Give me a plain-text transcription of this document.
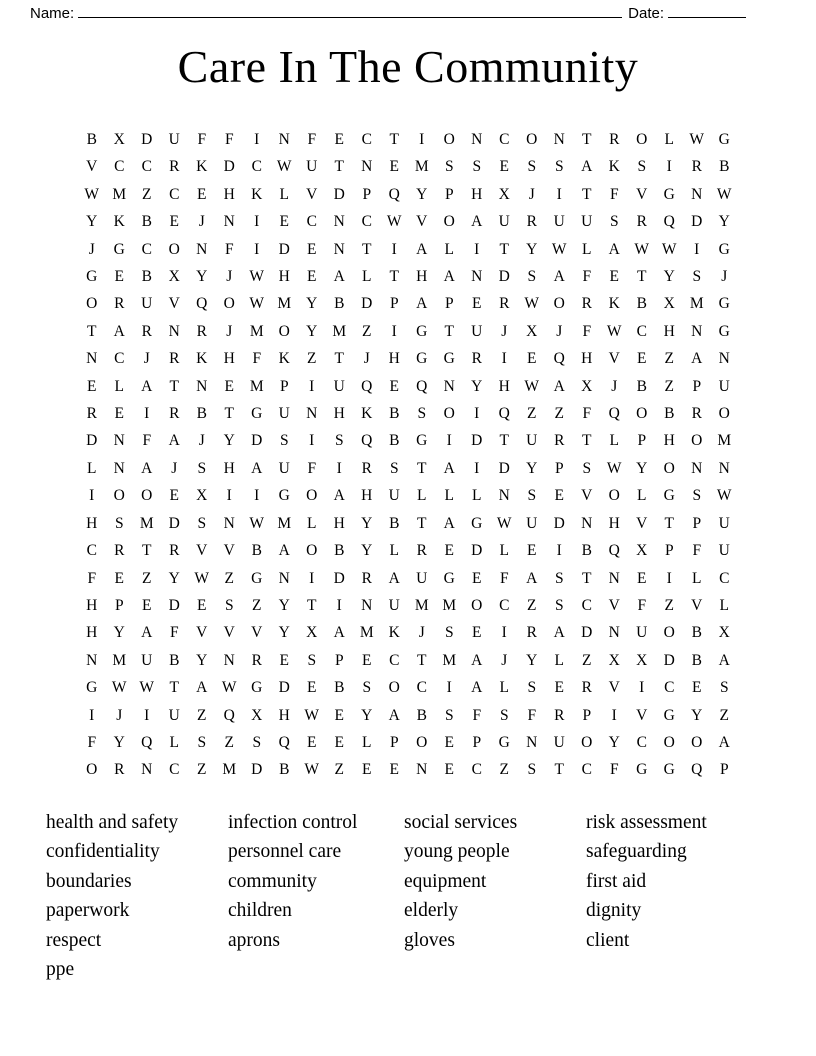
Name:	Date:
Care In The Community
B	X	D	U	F	F	I	N	F	E	C	T	I	O	N	C	O	N	T	R	O	L	W	G
V	C	C	R	K	D	C	W	U	T	N	E	M	S	S	E	S	S	A	K	S	I	R	B
W	M	Z	C	E	H	K	L	V	D	P	Q	Y	P	H	X	J	I	T	F	V	G	N	W
Y	K	B	E	J	N	I	E	C	N	C	W	V	O	A	U	R	U	U	S	R	Q	D	Y
J	G	C	O	N	F	I	D	E	N	T	I	A	L	I	T	Y	W	L	A	W	W	I	G
G	E	B	X	Y	J	W	H	E	A	L	T	H	A	N	D	S	A	F	E	T	Y	S	J
O	R	U	V	Q	O	W	M	Y	B	D	P	A	P	E	R	W	O	R	K	B	X	M	G
T	A	R	N	R	J	M	O	Y	M	Z	I	G	T	U	J	X	J	F	W	C	H	N	G
N	C	J	R	K	H	F	K	Z	T	J	H	G	G	R	I	E	Q	H	V	E	Z	A	N
E	L	A	T	N	E	M	P	I	U	Q	E	Q	N	Y	H	W	A	X	J	B	Z	P	U
R	E	I	R	B	T	G	U	N	H	K	B	S	O	I	Q	Z	Z	F	Q	O	B	R	O
D	N	F	A	J	Y	D	S	I	S	Q	B	G	I	D	T	U	R	T	L	P	H	O	M
L	N	A	J	S	H	A	U	F	I	R	S	T	A	I	D	Y	P	S	W	Y	O	N	N
I	O	O	E	X	I	I	G	O	A	H	U	L	L	L	N	S	E	V	O	L	G	S	W
H	S	M	D	S	N	W	M	L	H	Y	B	T	A	G	W	U	D	N	H	V	T	P	U
C	R	T	R	V	V	B	A	O	B	Y	L	R	E	D	L	E	I	B	Q	X	P	F	U
F	E	Z	Y	W	Z	G	N	I	D	R	A	U	G	E	F	A	S	T	N	E	I	L	C
H	P	E	D	E	S	Z	Y	T	I	N	U	M	M	O	C	Z	S	C	V	F	Z	V	L
H	Y	A	F	V	V	V	Y	X	A	M	K	J	S	E	I	R	A	D	N	U	O	B	X
N	M	U	B	Y	N	R	E	S	P	E	C	T	M	A	J	Y	L	Z	X	X	D	B	A
G	W	W	T	A	W	G	D	E	B	S	O	C	I	A	L	S	E	R	V	I	C	E	S
I	J	I	U	Z	Q	X	H	W	E	Y	A	B	S	F	S	F	R	P	I	V	G	Y	Z
F	Y	Q	L	S	Z	S	Q	E	E	L	P	O	E	P	G	N	U	O	Y	C	O	O	A
O	R	N	C	Z	M	D	B	W	Z	E	E	N	E	C	Z	S	T	C	F	G	G	Q	P
health and safety
confidentiality
boundaries
paperwork
respect
ppe
infection control
personnel care
community
children
aprons
social services
young people
equipment
elderly
gloves
risk assessment
safeguarding
first aid
dignity
client
